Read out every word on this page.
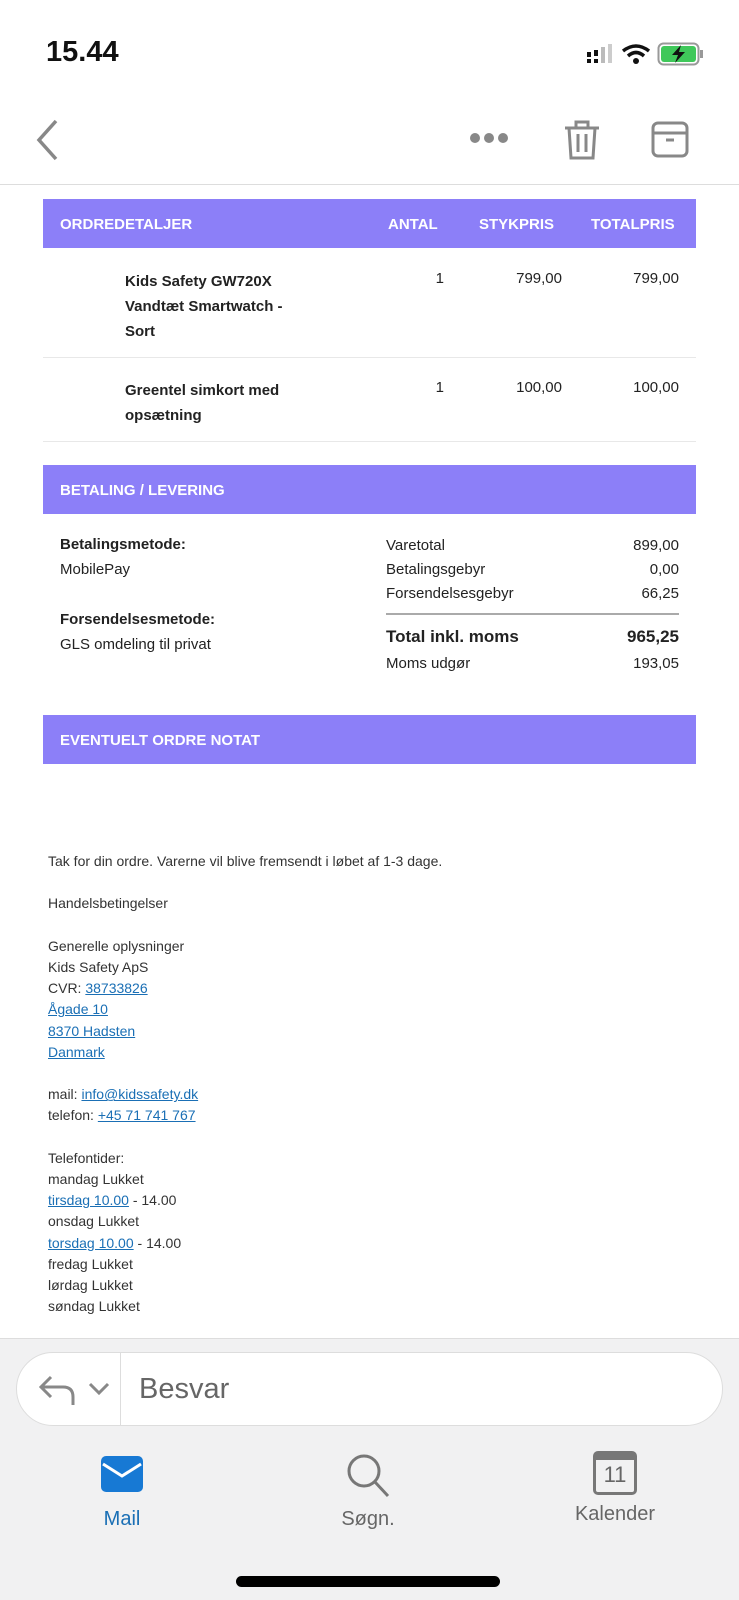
15.44
ORDREDETALJER	ANTAL	STYKPRIS TOTALPRIS
Kids Safety GW720X
Vandtæt Smartwatch -
Sort
1	799,00	799,00
Greentel simkort med
opsætning
1	100,00	100,00
BETALING / LEVERING
Betalingsmetode:
MobilePay
Forsendelsesmetode:
GLS omdeling til privat
Varetotal	899,00
Betalingsgebyr	0,00
Forsendelsesgebyr	66,25
Total inkl. moms	965,25
Moms udgør	193,05
EVENTUELT ORDRE NOTAT
Tak for din ordre. Varerne vil blive fremsendt i løbet af 1-3 dage.

Handelsbetingelser

Generelle oplysninger
Kids Safety ApS
CVR: 38733826
Ågade 10
8370 Hadsten
Danmark

mail: info@kidssafety.dk
telefon: +45 71 741 767

Telefontider:
mandag Lukket
tirsdag 10.00 - 14.00
onsdag Lukket
torsdag 10.00 - 14.00
fredag Lukket
lørdag Lukket
søndag Lukket
Besvar
Mail	Søgn.
11
Kalender
